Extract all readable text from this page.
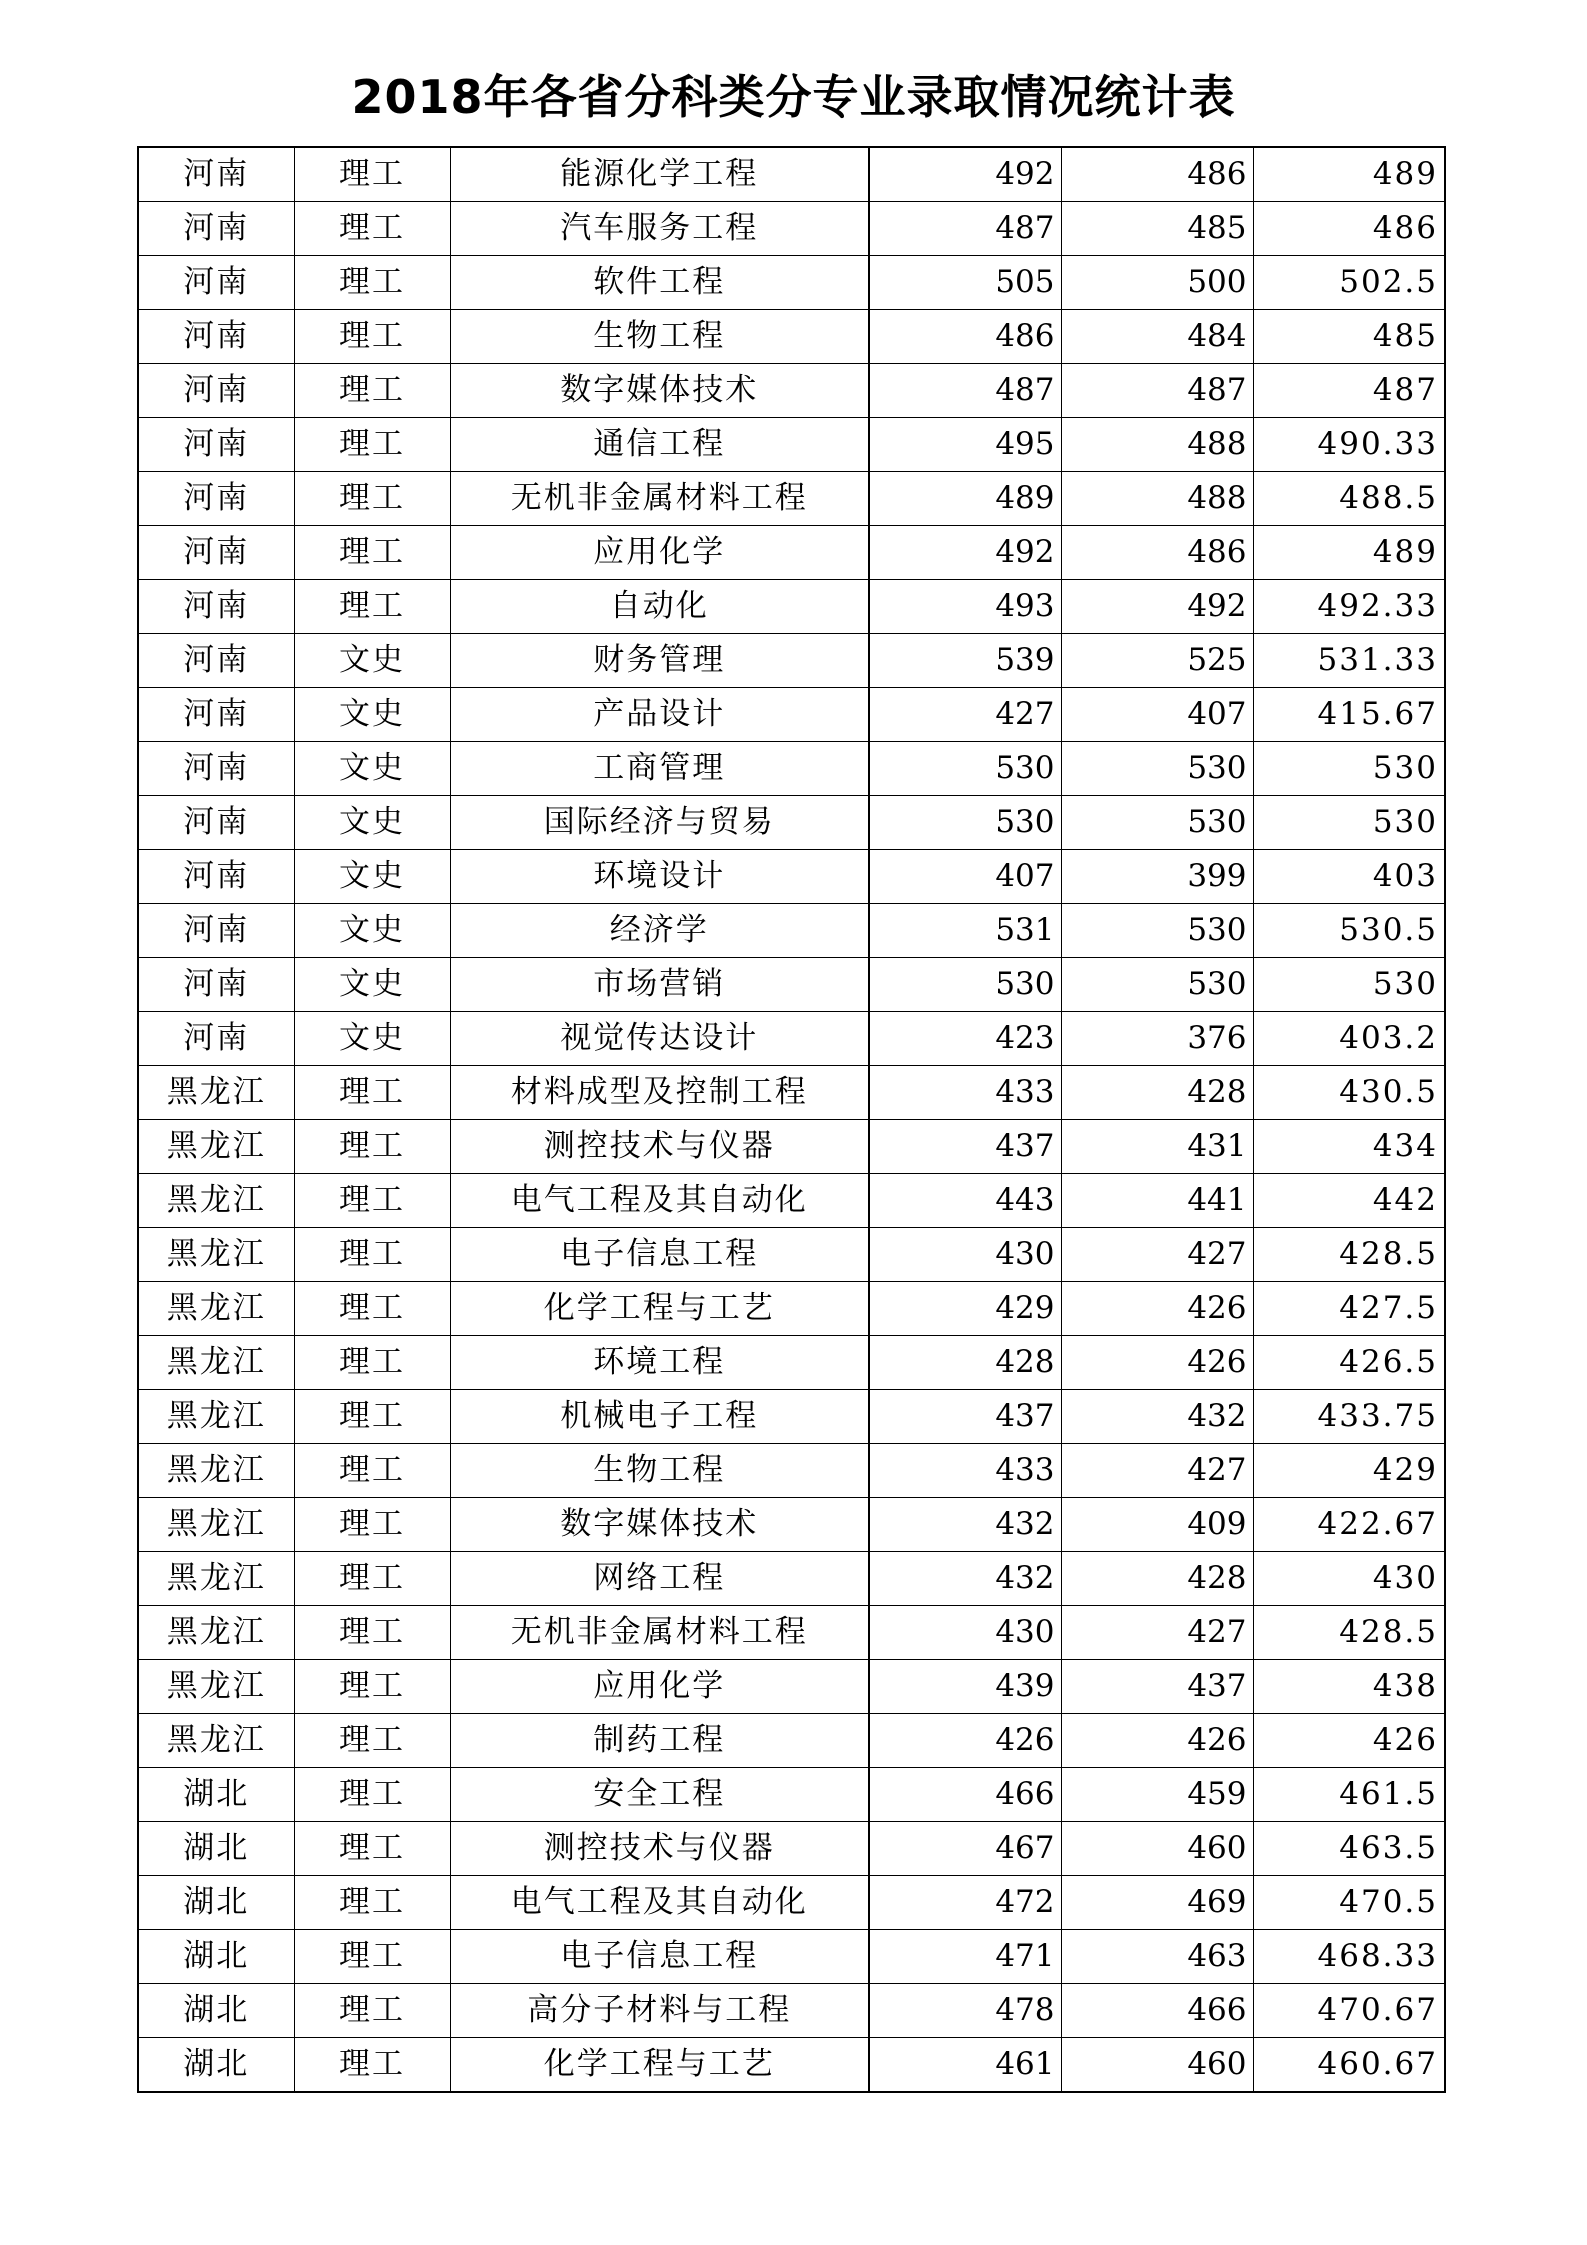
2018年各省分科类分专业录取情况统计表
河南	理工	能源化学工程	492	486	489
河南	理工	汽车服务工程	487	485	486
河南	理工	软件工程	505	500	502.5
河南	理工	生物工程	486	484	485
河南	理工	数字媒体技术	487	487	487
河南	理工	通信工程	495	488	490.33
河南	理工	无机非金属材料工程	489	488	488.5
河南	理工	应用化学	492	486	489
河南	理工	自动化	493	492	492.33
河南	文史	财务管理	539	525	531.33
河南	文史	产品设计	427	407	415.67
河南	文史	工商管理	530	530	530
河南	文史	国际经济与贸易	530	530	530
河南	文史	环境设计	407	399	403
河南	文史	经济学	531	530	530.5
河南	文史	市场营销	530	530	530
河南	文史	视觉传达设计	423	376	403.2
黑龙江	理工	材料成型及控制工程	433	428	430.5
黑龙江	理工	测控技术与仪器	437	431	434
黑龙江	理工	电气工程及其自动化	443	441	442
黑龙江	理工	电子信息工程	430	427	428.5
黑龙江	理工	化学工程与工艺	429	426	427.5
黑龙江	理工	环境工程	428	426	426.5
黑龙江	理工	机械电子工程	437	432	433.75
黑龙江	理工	生物工程	433	427	429
黑龙江	理工	数字媒体技术	432	409	422.67
黑龙江	理工	网络工程	432	428	430
黑龙江	理工	无机非金属材料工程	430	427	428.5
黑龙江	理工	应用化学	439	437	438
黑龙江	理工	制药工程	426	426	426
湖北	理工	安全工程	466	459	461.5
湖北	理工	测控技术与仪器	467	460	463.5
湖北	理工	电气工程及其自动化	472	469	470.5
湖北	理工	电子信息工程	471	463	468.33
湖北	理工	高分子材料与工程	478	466	470.67
湖北	理工	化学工程与工艺	461	460	460.67
